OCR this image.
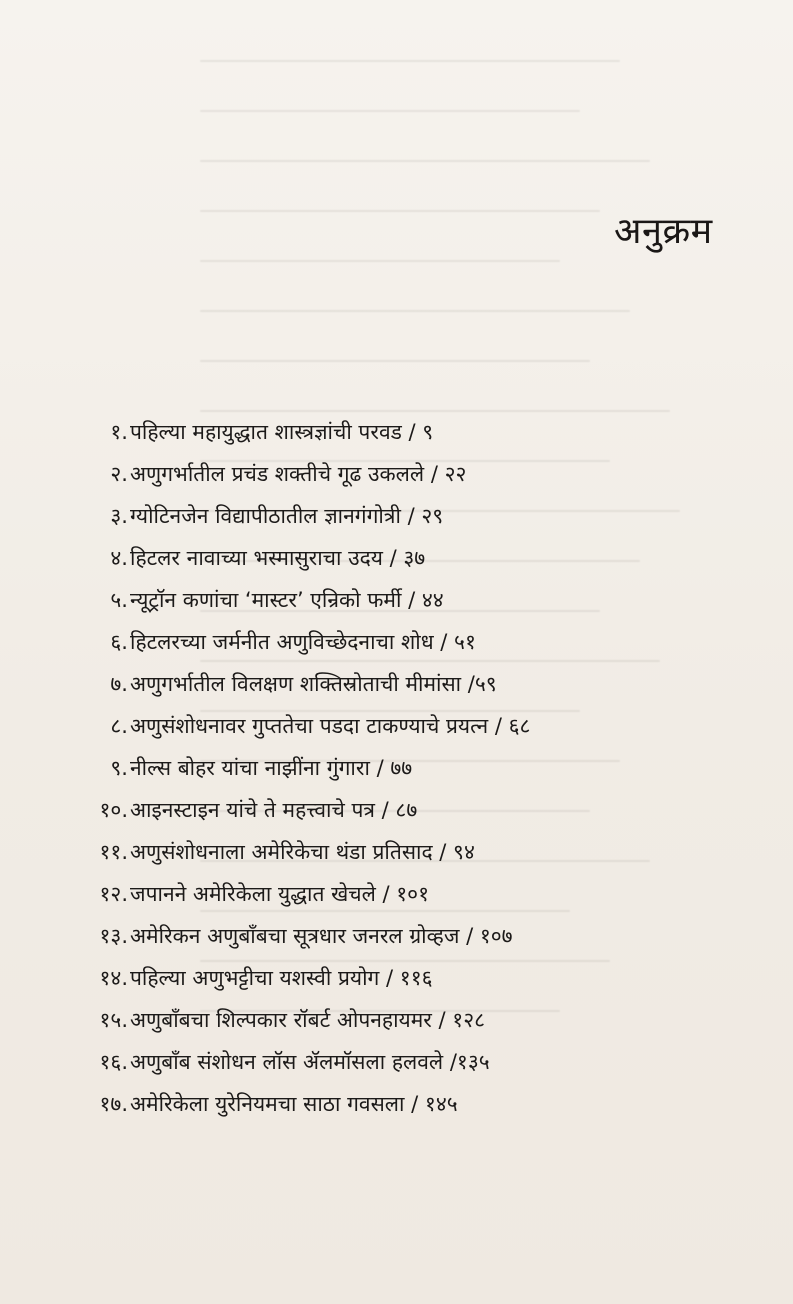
अनुक्रम
१. पहिल्या महायुद्धात शास्त्रज्ञांची परवड / ९
२. अणुगर्भातील प्रचंड शक्तीचे गूढ उकलले / २२
३. ग्योटिनजेन विद्यापीठातील ज्ञानगंगोत्री / २९
४. हिटलर नावाच्या भस्मासुराचा उदय / ३७
५. न्यूट्रॉन कणांचा ‘मास्टर’ एन्रिको फर्मी / ४४
६. हिटलरच्या जर्मनीत अणुविच्छेदनाचा शोध / ५१
७. अणुगर्भातील विलक्षण शक्तिस्रोताची मीमांसा /५९
८. अणुसंशोधनावर गुप्ततेचा पडदा टाकण्याचे प्रयत्न / ६८
९. नील्स बोहर यांचा नाझींना गुंगारा / ७७
१०. आइनस्टाइन यांचे ते महत्त्वाचे पत्र / ८७
११. अणुसंशोधनाला अमेरिकेचा थंडा प्रतिसाद / ९४
१२. जपानने अमेरिकेला युद्धात खेचले / १०१
१३. अमेरिकन अणुबाँबचा सूत्रधार जनरल ग्रोव्हज / १०७
१४. पहिल्या अणुभट्टीचा यशस्वी प्रयोग / ११६
१५. अणुबाँबचा शिल्पकार रॉबर्ट ओपनहायमर / १२८
१६. अणुबाँब संशोधन लॉस ॲलमॉसला हलवले /१३५
१७. अमेरिकेला युरेनियमचा साठा गवसला / १४५
